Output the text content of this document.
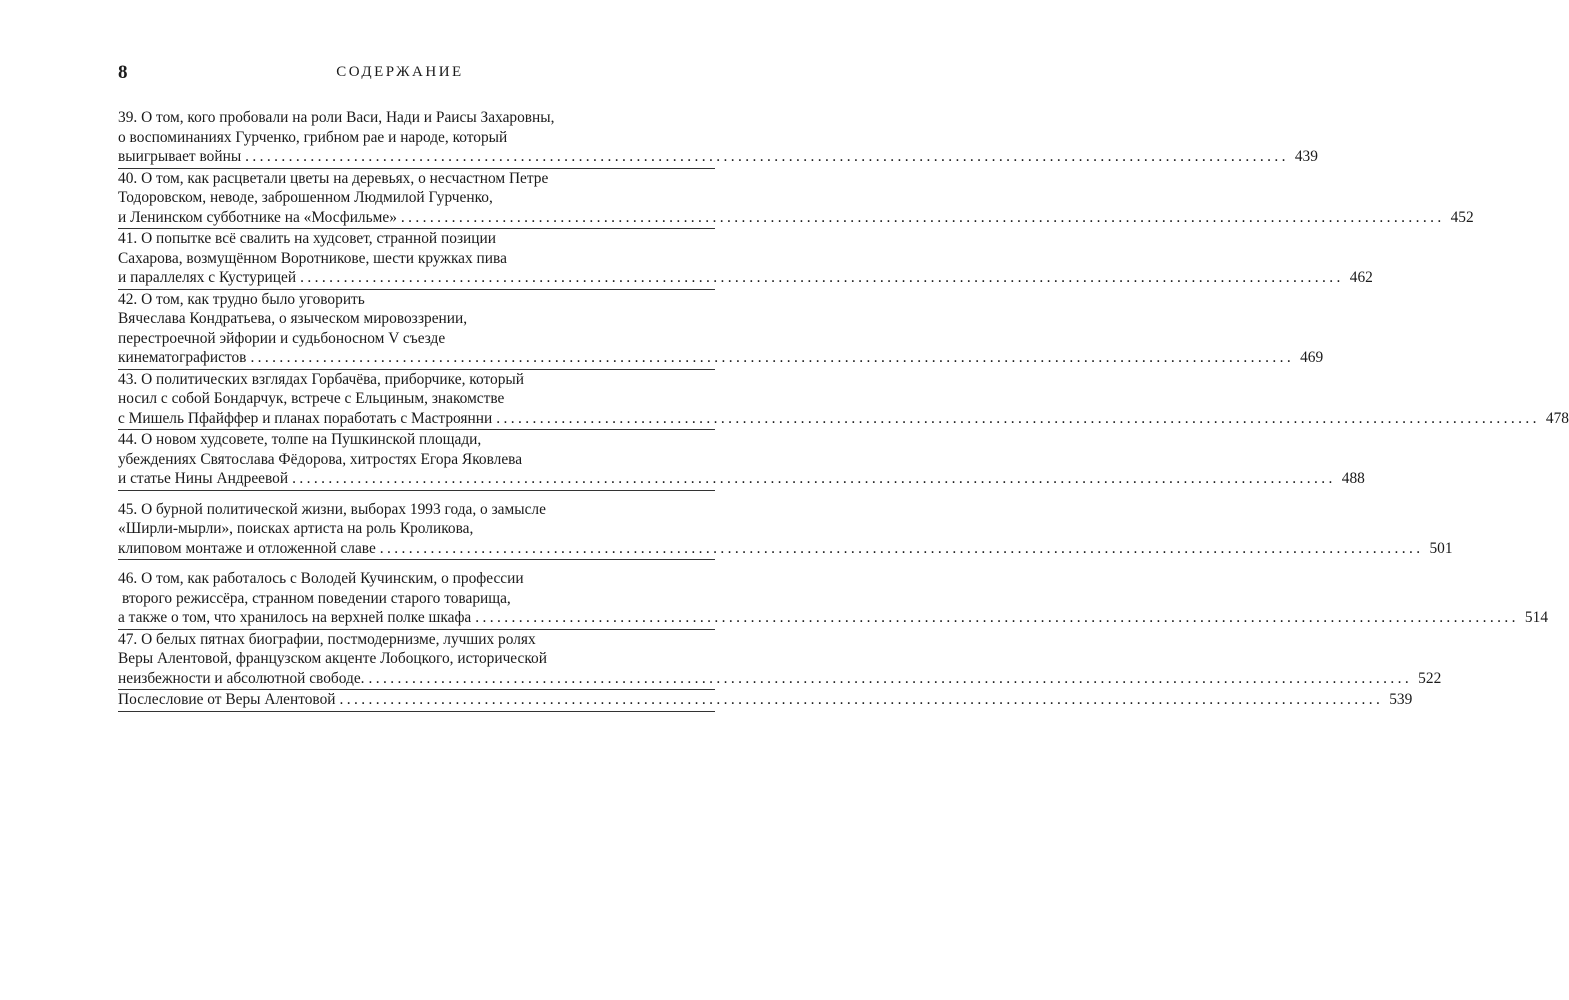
8	СОДЕРЖАНИЕ
39. О том, кого пробовали на роли Васи, Нади и Раисы Захаровны,
о воспоминаниях Гурченко, грибном рае и народе, который
выигрывает войны ................................................................................................................................................ 439
40. О том, как расцветали цветы на деревьях, о несчастном Петре
Тодоровском, неводе, заброшенном Людмилой Гурченко,
и Ленинском субботнике на «Мосфильме» ................................................................................................................................................ 452
41. О попытке всё свалить на худсовет, странной позиции
Сахарова, возмущённом Воротникове, шести кружках пива
и параллелях с Кустурицей ................................................................................................................................................ 462
42. О том, как трудно было уговорить
Вячеслава Кондратьева, о языческом мировоззрении,
перестроечной эйфории и судьбоносном V съезде
кинематографистов ................................................................................................................................................ 469
43. О политических взглядах Горбачёва, приборчике, который
носил с собой Бондарчук, встрече с Ельциным, знакомстве
с Мишель Пфайффер и планах поработать с Мастроянни ................................................................................................................................................ 478
44. О новом худсовете, толпе на Пушкинской площади,
убеждениях Святослава Фёдорова, хитростях Егора Яковлева
и статье Нины Андреевой ................................................................................................................................................ 488
45. О бурной политической жизни, выборах 1993 года, о замысле
«Ширли-мырли», поисках артиста на роль Кроликова,
клиповом монтаже и отложенной славе ................................................................................................................................................ 501
46. О том, как работалось с Володей Кучинским, о профессии
второго режиссёра, странном поведении старого товарища,
а также о том, что хранилось на верхней полке шкафа ................................................................................................................................................ 514
47. О белых пятнах биографии, постмодернизме, лучших ролях
Веры Алентовой, французском акценте Лобоцкого, исторической
неизбежности и абсолютной свободе. ................................................................................................................................................ 522
Послесловие от Веры Алентовой ................................................................................................................................................ 539
